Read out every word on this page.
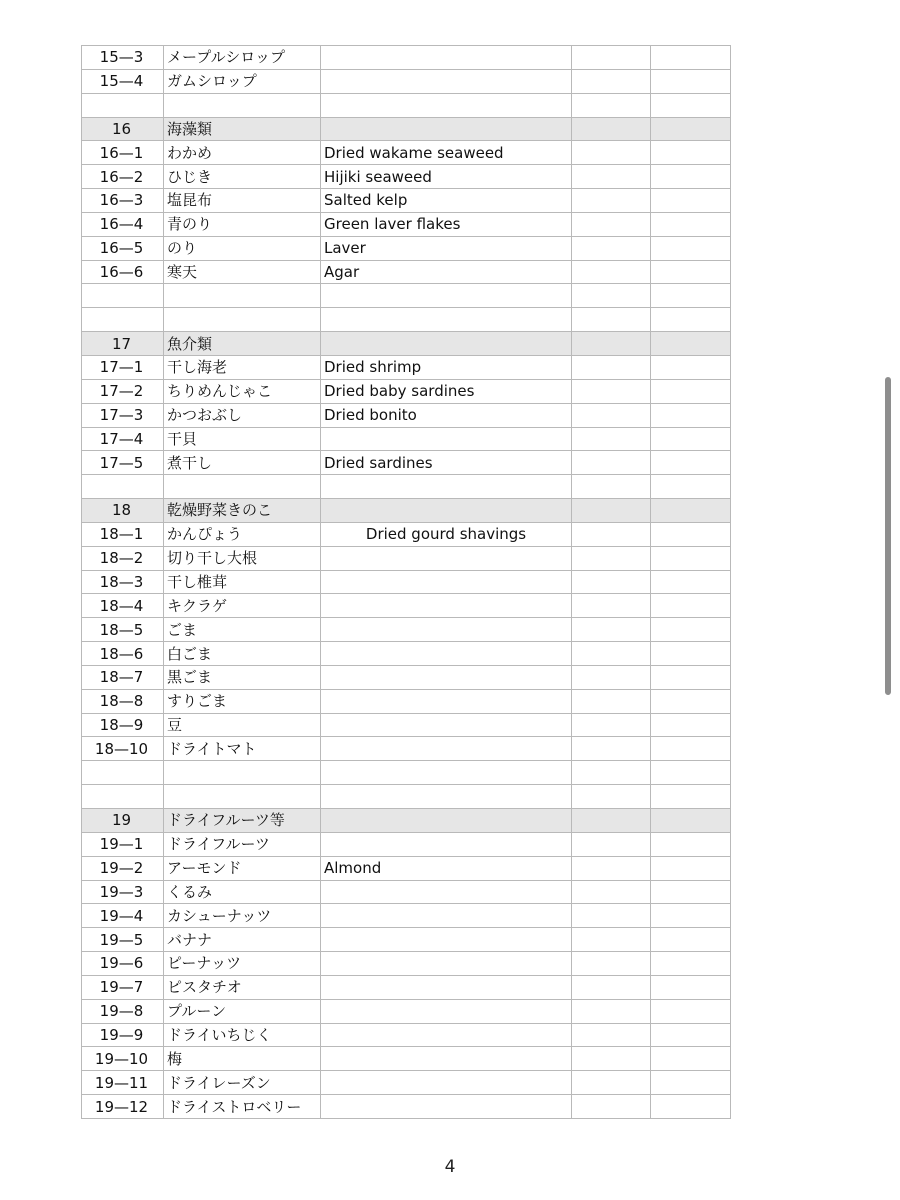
15—3	メープルシロップ			
15—4	ガムシロップ			

16	海藻類			
16—1	わかめ	Dried wakame seaweed		
16—2	ひじき	Hijiki seaweed		
16—3	塩昆布	Salted kelp		
16—4	青のり	Green laver flakes		
16—5	のり	Laver		
16—6	寒天	Agar		

17	魚介類			
17—1	干し海老	Dried shrimp		
17—2	ちりめんじゃこ	Dried baby sardines		
17—3	かつおぶし	Dried bonito		
17—4	干貝			
17—5	煮干し	Dried sardines		

18	乾燥野菜きのこ			
18—1	かんぴょう	Dried gourd shavings		
18—2	切り干し大根			
18—3	干し椎茸			
18—4	キクラゲ			
18—5	ごま			
18—6	白ごま			
18—7	黒ごま			
18—8	すりごま			
18—9	豆			
18—10	ドライトマト			

19	ドライフルーツ等			
19—1	ドライフルーツ			
19—2	アーモンド	Almond		
19—3	くるみ			
19—4	カシューナッツ			
19—5	バナナ			
19—6	ピーナッツ			
19—7	ピスタチオ			
19—8	プルーン			
19—9	ドライいちじく			
19—10	梅			
19—11	ドライレーズン			
19—12	ドライストロベリー			
4
